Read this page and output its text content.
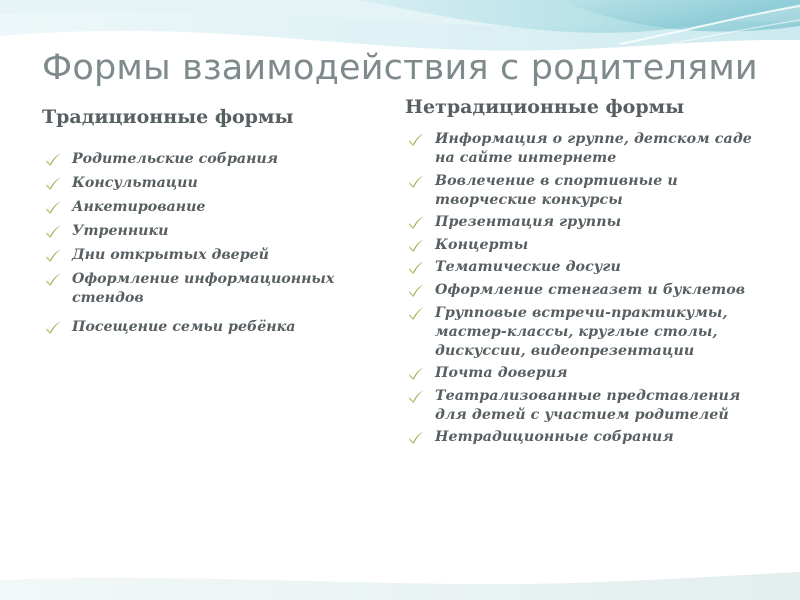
Формы взаимодействия с родителями
Традиционные формы
Родительские собрания
Консультации
Анкетирование
Утренники
Дни открытых дверей
Оформление информационных стендов
Посещение семьи ребёнка
Нетрадиционные формы
Информация о группе, детском саде на сайте интернете
Вовлечение в спортивные и творческие конкурсы
Презентация группы
Концерты
Тематические досуги
Оформление стенгазет и буклетов
Групповые встречи-практикумы, мастер-классы, круглые столы, дискуссии, видеопрезентации
Почта доверия
Театрализованные представления для детей с участием родителей
Нетрадиционные собрания
